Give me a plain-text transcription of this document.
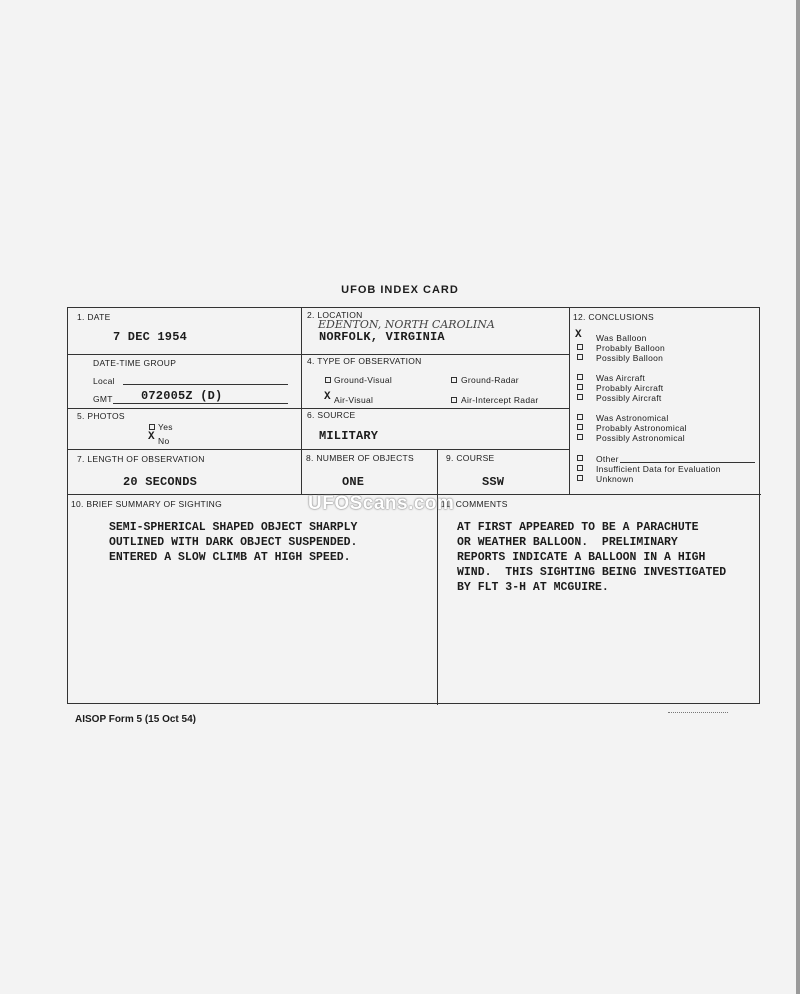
UFOB INDEX CARD
1. DATE
7 DEC 1954
2. LOCATION
EDENTON, NORTH CAROLINA
NORFOLK, VIRGINIA
DATE-TIME GROUP
Local
GMT 072005Z (D)
4. TYPE OF OBSERVATION
Ground-Visual	Ground-Radar
X Air-Visual	Air-Intercept Radar
5. PHOTOS
Yes
X No
6. SOURCE
MILITARY
7. LENGTH OF OBSERVATION
20 SECONDS
8. NUMBER OF OBJECTS
ONE
9. COURSE
SSW
12. CONCLUSIONS
X Was Balloon
Probably Balloon
Possibly Balloon
Was Aircraft
Probably Aircraft
Possibly Aircraft
Was Astronomical
Probably Astronomical
Possibly Astronomical
Other
Insufficient Data for Evaluation
Unknown
10. BRIEF SUMMARY OF SIGHTING
SEMI-SPHERICAL SHAPED OBJECT SHARPLY
OUTLINED WITH DARK OBJECT SUSPENDED.
ENTERED A SLOW CLIMB AT HIGH SPEED.
11. COMMENTS
AT FIRST APPEARED TO BE A PARACHUTE
OR WEATHER BALLOON.  PRELIMINARY
REPORTS INDICATE A BALLOON IN A HIGH
WIND.  THIS SIGHTING BEING INVESTIGATED
BY FLT 3-H AT MCGUIRE.
UFOScans.com
AISOP Form 5 (15 Oct 54)
